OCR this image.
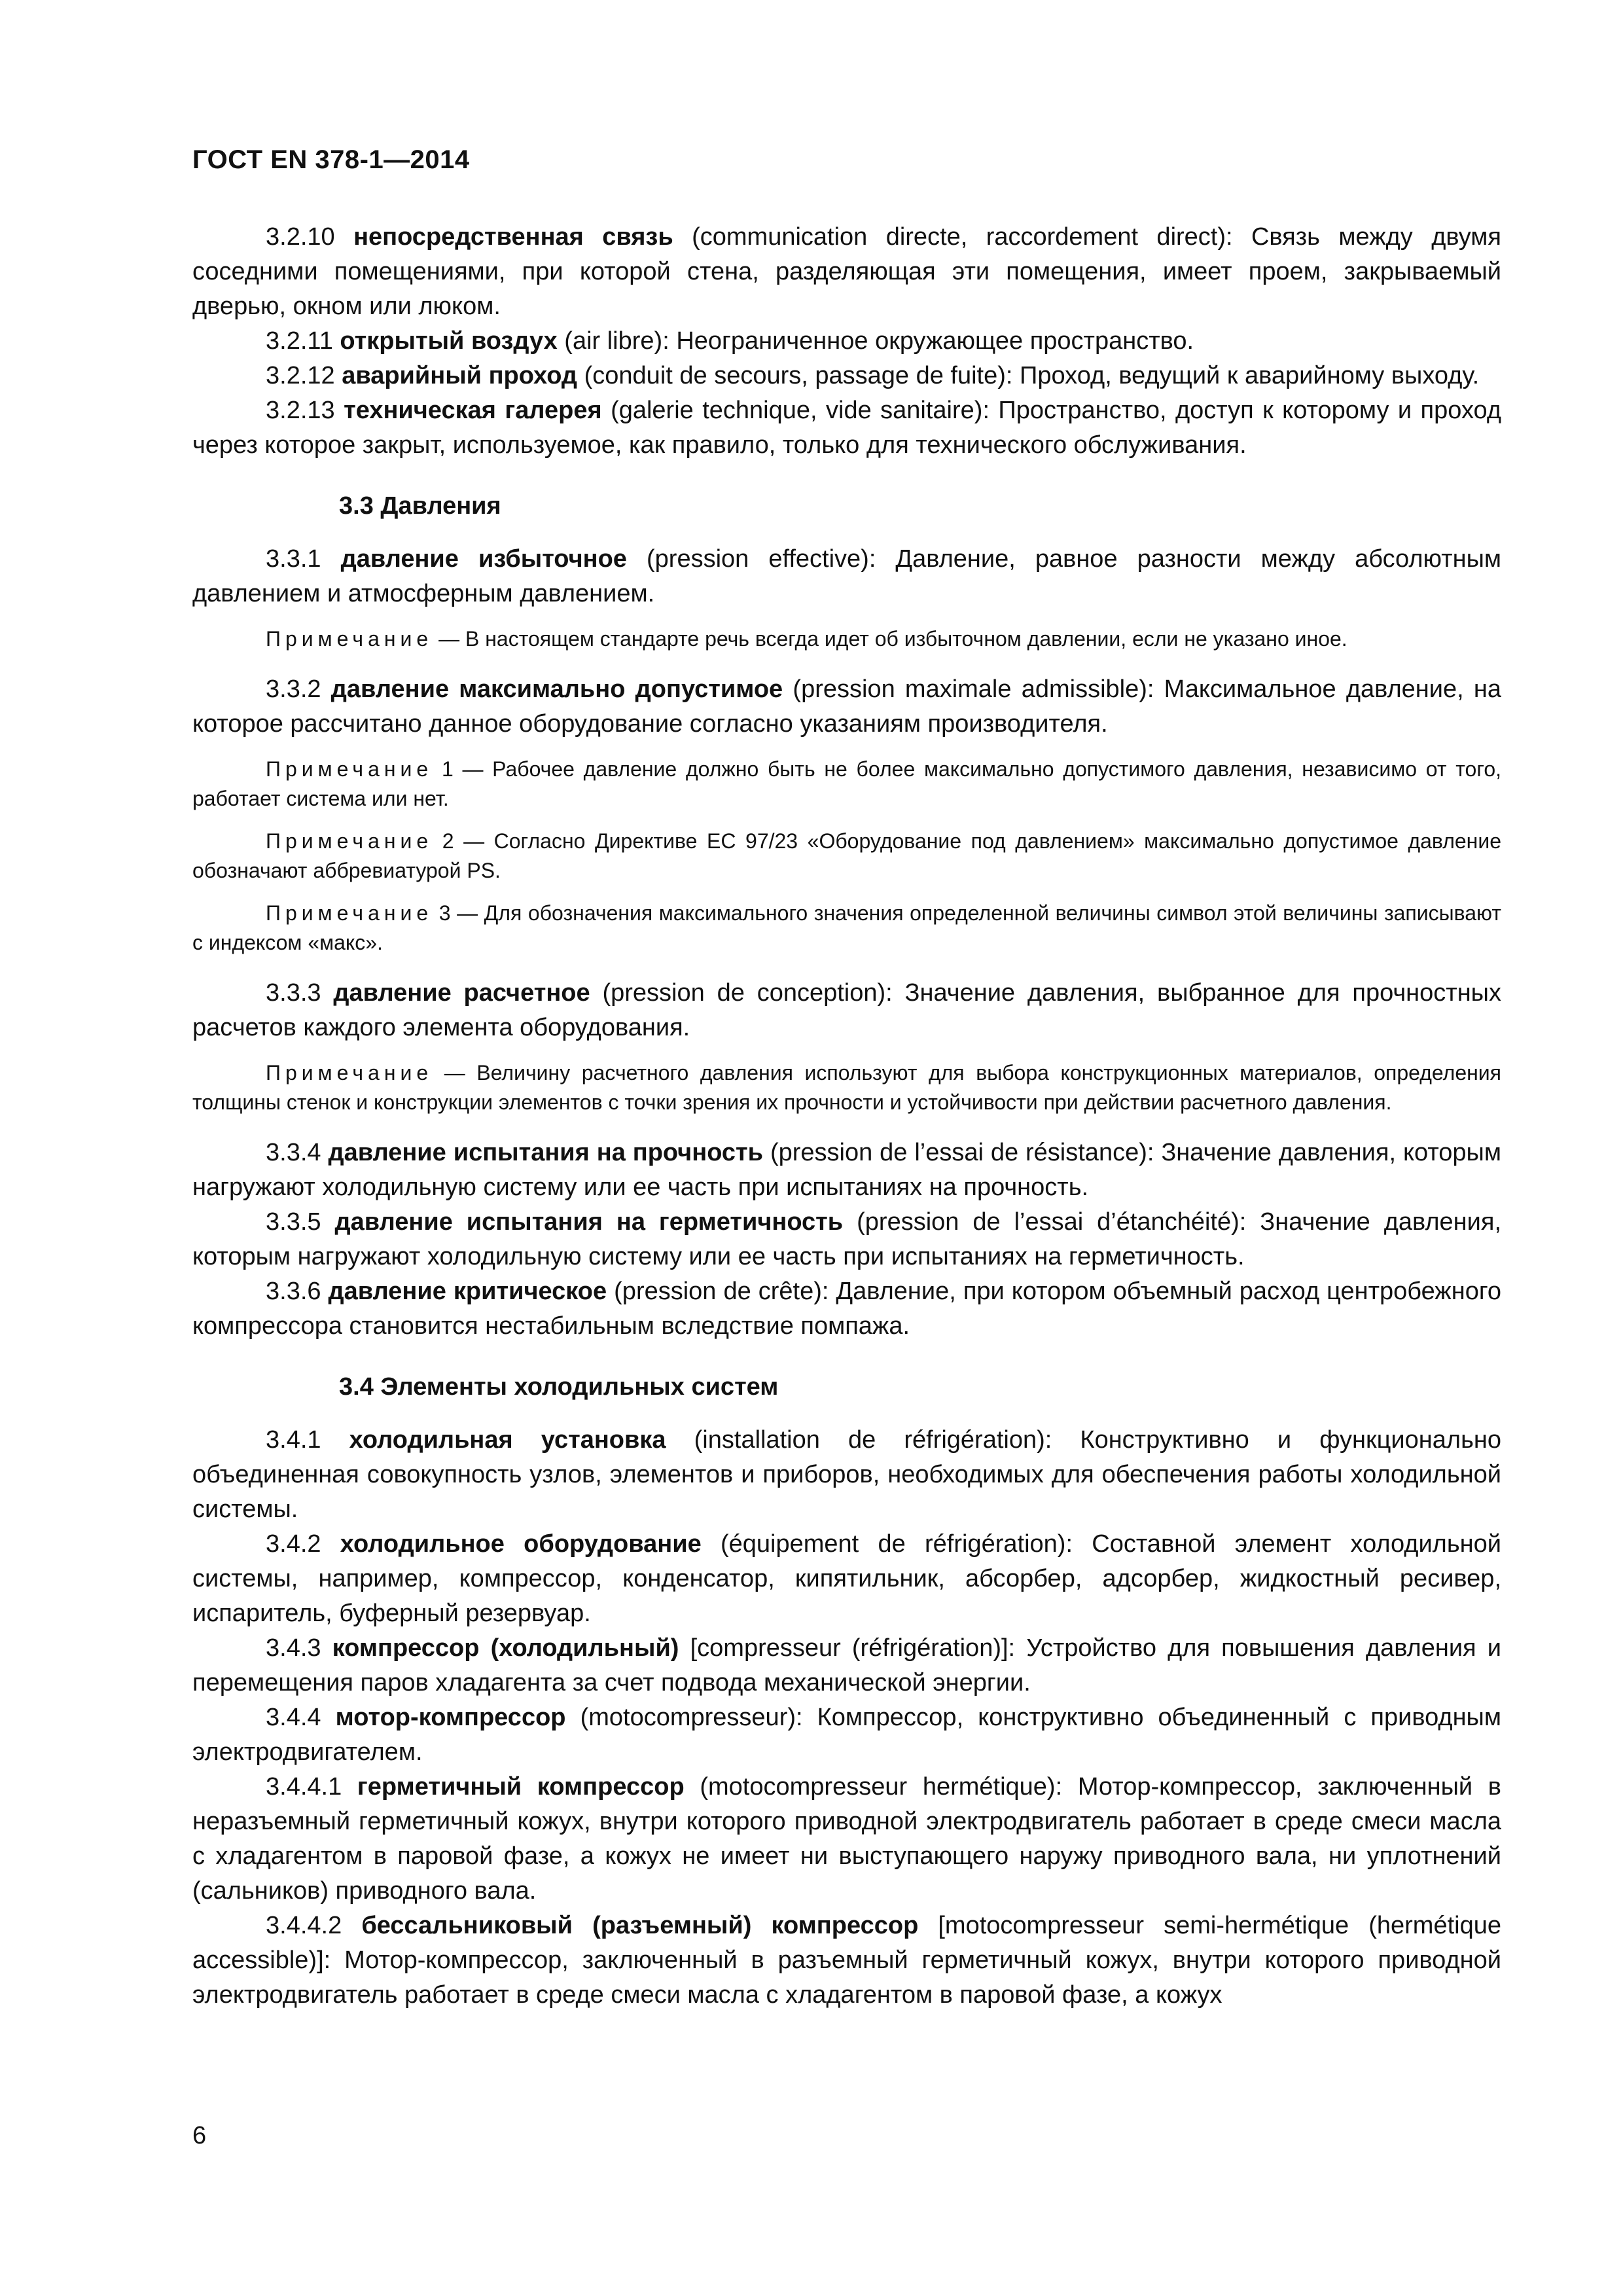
ГОСТ EN 378-1—2014

3.2.10 непосредственная связь (communication directe, raccordement direct): Связь между двумя соседними помещениями, при которой стена, разделяющая эти помещения, имеет проем, закрываемый дверью, окном или люком.

3.2.11 открытый воздух (air libre): Неограниченное окружающее пространство.

3.2.12 аварийный проход (conduit de secours, passage de fuite): Проход, ведущий к аварийному выходу.

3.2.13 техническая галерея (galerie technique, vide sanitaire): Пространство, доступ к которому и проход через которое закрыт, используемое, как правило, только для технического обслуживания.

3.3 Давления

3.3.1 давление избыточное (pression effective): Давление, равное разности между абсолютным давлением и атмосферным давлением.

Примечание — В настоящем стандарте речь всегда идет об избыточном давлении, если не указано иное.

3.3.2 давление максимально допустимое (pression maximale admissible): Максимальное давление, на которое рассчитано данное оборудование согласно указаниям производителя.

Примечание 1 — Рабочее давление должно быть не более максимально допустимого давления, независимо от того, работает система или нет.

Примечание 2 — Согласно Директиве ЕС 97/23 «Оборудование под давлением» максимально допустимое давление обозначают аббревиатурой PS.

Примечание 3 — Для обозначения максимального значения определенной величины символ этой величины записывают с индексом «макс».

3.3.3 давление расчетное (pression de conception): Значение давления, выбранное для прочностных расчетов каждого элемента оборудования.

Примечание — Величину расчетного давления используют для выбора конструкционных материалов, определения толщины стенок и конструкции элементов с точки зрения их прочности и устойчивости при действии расчетного давления.

3.3.4 давление испытания на прочность (pression de l’essai de résistance): Значение давления, которым нагружают холодильную систему или ее часть при испытаниях на прочность.

3.3.5 давление испытания на герметичность (pression de l’essai d’étanchéité): Значение давления, которым нагружают холодильную систему или ее часть при испытаниях на герметичность.

3.3.6 давление критическое (pression de crête): Давление, при котором объемный расход центробежного компрессора становится нестабильным вследствие помпажа.

3.4 Элементы холодильных систем

3.4.1 холодильная установка (installation de réfrigération): Конструктивно и функционально объединенная совокупность узлов, элементов и приборов, необходимых для обеспечения работы холодильной системы.

3.4.2 холодильное оборудование (équipement de réfrigération): Составной элемент холодильной системы, например, компрессор, конденсатор, кипятильник, абсорбер, адсорбер, жидкостный ресивер, испаритель, буферный резервуар.

3.4.3 компрессор (холодильный) [compresseur (réfrigération)]: Устройство для повышения давления и перемещения паров хладагента за счет подвода механической энергии.

3.4.4 мотор-компрессор (motocompresseur): Компрессор, конструктивно объединенный с приводным электродвигателем.

3.4.4.1 герметичный компрессор (motocompresseur hermétique): Мотор-компрессор, заключенный в неразъемный герметичный кожух, внутри которого приводной электродвигатель работает в среде смеси масла с хладагентом в паровой фазе, а кожух не имеет ни выступающего наружу приводного вала, ни уплотнений (сальников) приводного вала.

3.4.4.2 бессальниковый (разъемный) компрессор [motocompresseur semi-hermétique (hermétique accessible)]: Мотор-компрессор, заключенный в разъемный герметичный кожух, внутри которого приводной электродвигатель работает в среде смеси масла с хладагентом в паровой фазе, а кожух

6
